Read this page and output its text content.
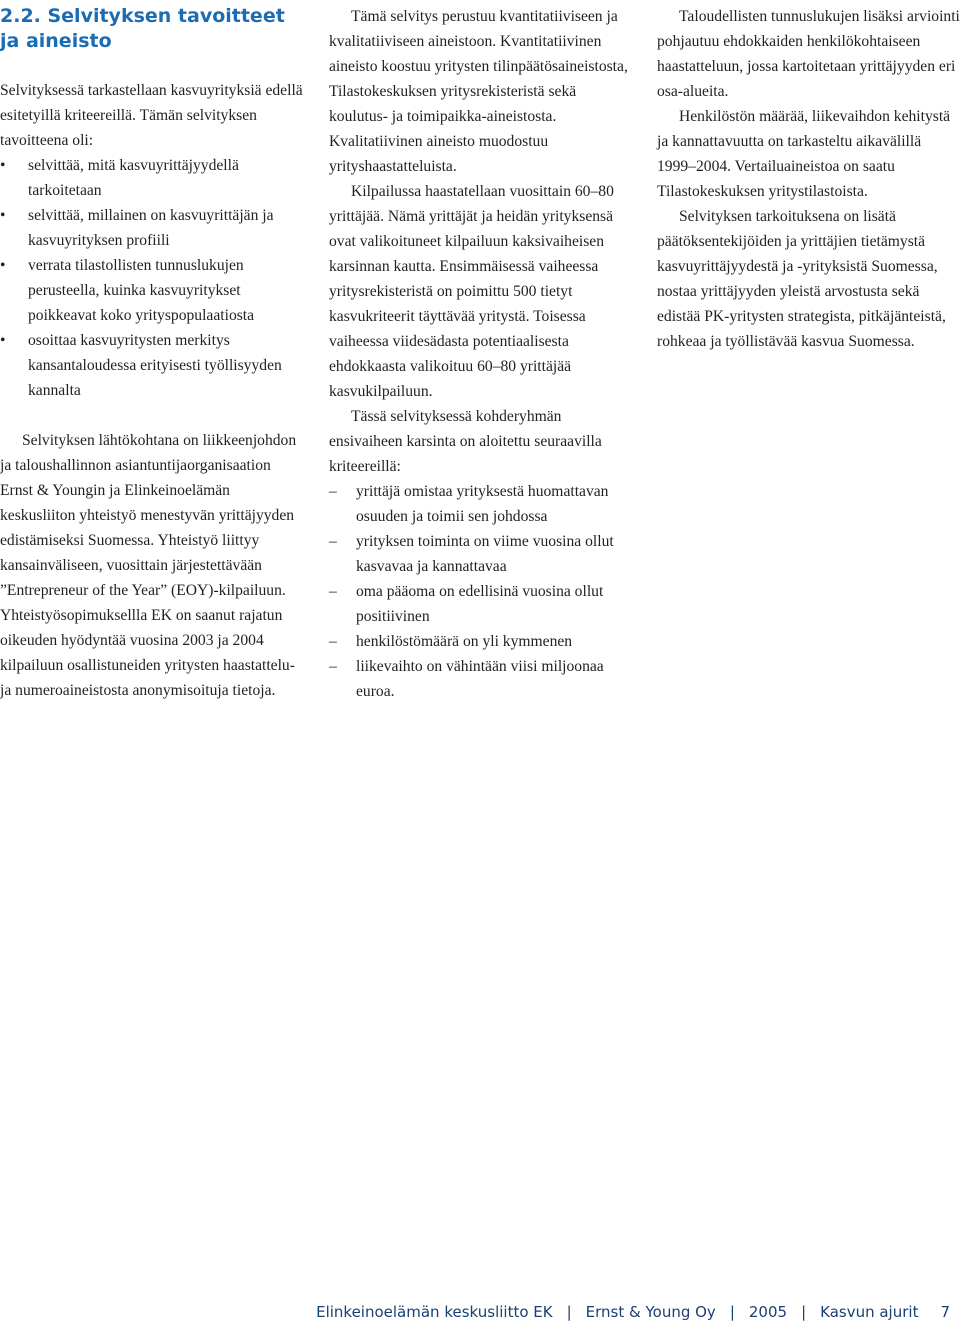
2.2. Selvityksen tavoitteet ja aineisto

Selvityksessä tarkastellaan kasvuyrityksiä edellä esitetyillä kriteereillä. Tämän selvityksen tavoitteena oli:

• selvittää, mitä kasvuyrittäjyydellä tarkoitetaan
• selvittää, millainen on kasvuyrittäjän ja kasvuyrityksen profiili
• verrata tilastollisten tunnuslukujen perusteella, kuinka kasvuyritykset poikkeavat koko yrityspopulaatiosta
• osoittaa kasvuyritysten merkitys kansantaloudessa erityisesti työllisyyden kannalta

Selvityksen lähtökohtana on liikkeenjohdon ja taloushallinnon asiantuntijaorganisaation Ernst & Youngin ja Elinkeinoelämän keskusliiton yhteistyö menestyvän yrittäjyyden edistämiseksi Suomessa. Yhteistyö liittyy kansainväliseen, vuosittain järjestettävään ”Entrepreneur of the Year” (EOY)-kilpailuun.

Yhteistyösopimuksellla EK on saanut rajatun oikeuden hyödyntää vuosina 2003 ja 2004 kilpailuun osallistuneiden yritysten haastattelu- ja numeroaineistosta anonymisoituja tietoja.

Tämä selvitys perustuu kvantitatiiviseen ja kvalitatiiviseen aineistoon. Kvantitatiivinen aineisto koostuu yritysten tilinpäätösaineistosta, Tilastokeskuksen yritysrekisteristä sekä koulutus- ja toimipaikka-aineistosta. Kvalitatiivinen aineisto muodostuu yrityshaastatteluista.

Kilpailussa haastatellaan vuosittain 60–80 yrittäjää. Nämä yrittäjät ja heidän yrityksensä ovat valikoituneet kilpailuun kaksivaiheisen karsinnan kautta. Ensimmäisessä vaiheessa yritysrekisteristä on poimittu 500 tietyt kasvukriteerit täyttävää yritystä. Toisessa vaiheessa viidesädasta potentiaalisesta ehdokkaasta valikoituu 60–80 yrittäjää kasvukilpailuun.

Tässä selvityksessä kohderyhmän ensivaiheen karsinta on aloitettu seuraavilla kriteereillä:

– yrittäjä omistaa yrityksestä huomattavan osuuden ja toimii sen johdossa
– yrityksen toiminta on viime vuosina ollut kasvavaa ja kannattavaa
– oma pääoma on edellisinä vuosina ollut positiivinen
– henkilöstömäärä on yli kymmenen
– liikevaihto on vähintään viisi miljoonaa euroa.

Taloudellisten tunnuslukujen lisäksi arviointi pohjautuu ehdokkaiden henkilökohtaiseen haastatteluun, jossa kartoitetaan yrittäjyyden eri osa-alueita.

Henkilöstön määrää, liikevaihdon kehitystä ja kannattavuutta on tarkasteltu aikavälillä 1999–2004. Vertailuaineistoa on saatu Tilastokeskuksen yritystilastoista.

Selvityksen tarkoituksena on lisätä päätöksentekijöiden ja yrittäjien tietämystä kasvuyrittäjyydestä ja -yrityksistä Suomessa, nostaa yrittäjyyden yleistä arvostusta sekä edistää PK-yritysten strategista, pitkäjänteistä, rohkeaa ja työllistävää kasvua Suomessa.

Elinkeinoelämän keskusliitto EK | Ernst & Young Oy | 2005 | Kasvun ajurit 7
